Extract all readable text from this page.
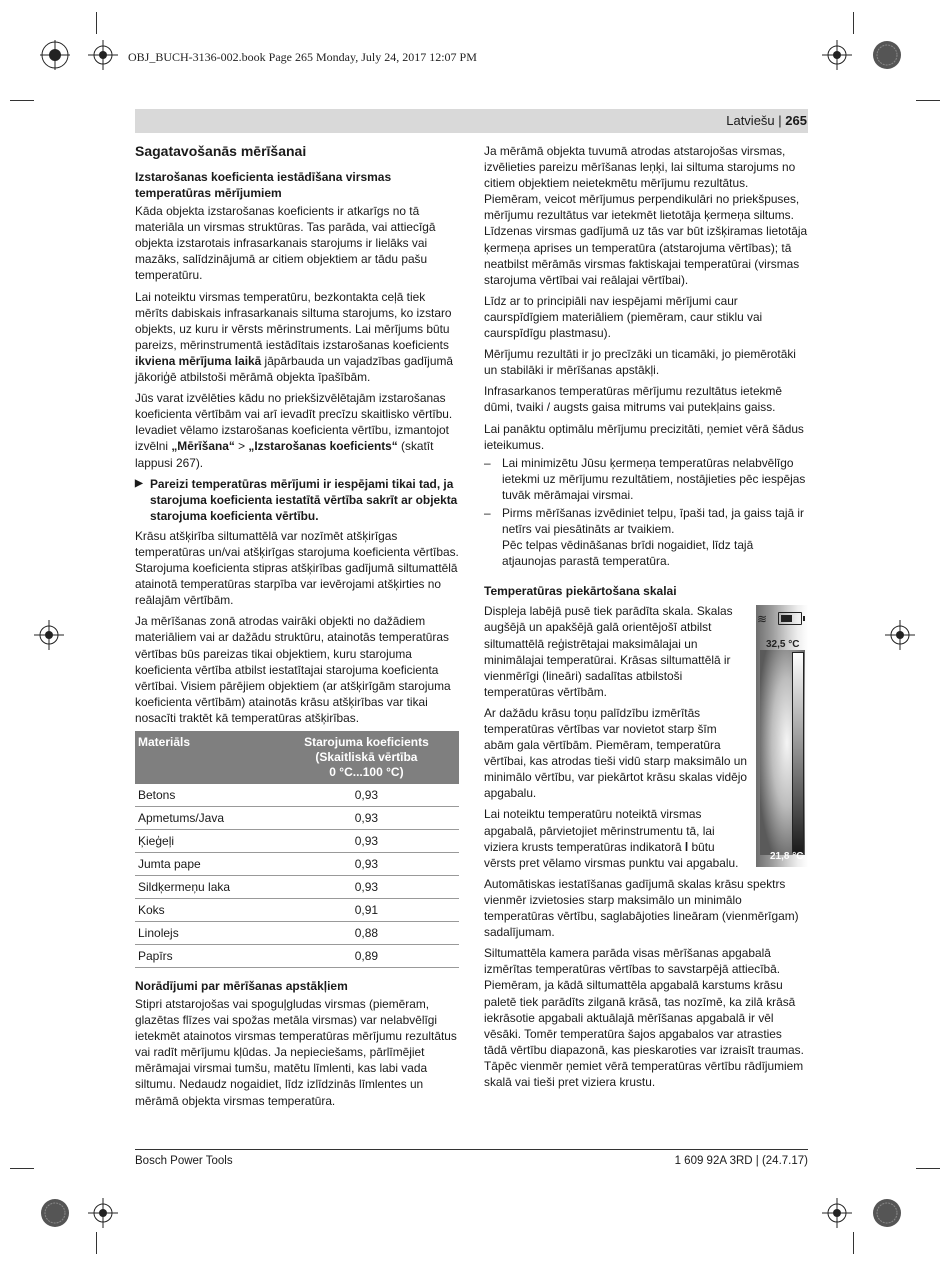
OBJ_BUCH-3136-002.book Page 265 Monday, July 24, 2017 12:07 PM
Latviešu | 265
Sagatavošanās mērīšanai
Izstarošanas koeficienta iestādīšana virsmas temperatūras mērījumiem

Kāda objekta izstarošanas koeficients ir atkarīgs no tā materiāla un virsmas struktūras. Tas parāda, vai attiecīgā objekta izstarotais infrasarkanais starojums ir lielāks vai mazāks, salīdzinājumā ar citiem objektiem ar tādu pašu temperatūru.

Lai noteiktu virsmas temperatūru, bezkontakta ceļā tiek mērīts dabiskais infrasarkanais siltuma starojums, ko izstaro objekts, uz kuru ir vērsts mērinstruments. Lai mērījums būtu pareizs, mērinstrumentā iestādītais izstarošanas koeficients ikviena mērījuma laikā jāpārbauda un vajadzības gadījumā jākoriģē atbilstoši mērāmā objekta īpašībām.

Jūs varat izvēlēties kādu no priekšizvēlētajām izstarošanas koeficienta vērtībām vai arī ievadīt precīzu skaitlisko vērtību. Ievadiet vēlamo izstarošanas koeficienta vērtību, izmantojot izvēlni „Mērīšana“ > „Izstarošanas koeficients“ (skatīt lappusi 267).

▶ Pareizi temperatūras mērījumi ir iespējami tikai tad, ja starojuma koeficienta iestatītā vērtība sakrīt ar objekta starojuma koeficienta vērtību.

Krāsu atšķirība siltumattēlā var nozīmēt atšķirīgas temperatūras un/vai atšķirīgas starojuma koeficienta vērtības. Starojuma koeficienta stipras atšķirības gadījumā siltumattēlā atainotā temperatūras starpība var ievērojami atšķirties no reālajām vērtībām.

Ja mērīšanas zonā atrodas vairāki objekti no dažādiem materiāliem vai ar dažādu struktūru, atainotās temperatūras vērtības būs pareizas tikai objektiem, kuru starojuma koeficienta vērtība atbilst iestatītajai starojuma koeficienta vērtībai. Visiem pārējiem objektiem (ar atšķirīgām starojuma koeficienta vērtībām) atainotās krāsu atšķirības var tikai nosacīti traktēt kā temperatūras atšķirības.

Materiāls	Starojuma koeficients
(Skaitliskā vērtība
0 °C...100 °C)
Betons	0,93
Apmetums/Java	0,93
Ķieģeļi	0,93
Jumta pape	0,93
Sildķermeņu laka	0,93
Koks	0,91
Linolejs	0,88
Papīrs	0,89
Norādījumi par mērīšanas apstākļiem

Stipri atstarojošas vai spoguļgludas virsmas (piemēram, glazētas flīzes vai spožas metāla virsmas) var nelabvēlīgi ietekmēt atainotos virsmas temperatūras mērījumu rezultātus vai radīt mērījumu kļūdas. Ja nepieciešams, pārlīmējiet mērāmajai virsmai tumšu, matētu līmlenti, kas labi vada siltumu. Nedaudz nogaidiet, līdz izlīdzinās līmlentes un mērāmā objekta virsmas temperatūra.

Ja mērāmā objekta tuvumā atrodas atstarojošas virsmas, izvēlieties pareizu mērīšanas leņķi, lai siltuma starojums no citiem objektiem neietekmētu mērījumu rezultātus. Piemēram, veicot mērījumus perpendikulāri no priekšpuses, mērījumu rezultātus var ietekmēt lietotāja ķermeņa siltums. Līdzenas virsmas gadījumā uz tās var būt izšķiramas lietotāja ķermeņa aprises un temperatūra (atstarojuma vērtības); tā neatbilst mērāmās virsmas faktiskajai temperatūrai (virsmas starojuma vērtībai vai reālajai vērtībai).

Līdz ar to principiāli nav iespējami mērījumi caur caurspīdīgiem materiāliem (piemēram, caur stiklu vai caurspīdīgu plastmasu).

Mērījumu rezultāti ir jo precīzāki un ticamāki, jo piemērotāki un stabilāki ir mērīšanas apstākļi.

Infrasarkanos temperatūras mērījumu rezultātus ietekmē dūmi, tvaiki / augsts gaisa mitrums vai putekļains gaiss.

Lai panāktu optimālu mērījumu precizitāti, ņemiet vērā šādus ieteikumus.

– Lai minimizētu Jūsu ķermeņa temperatūras nelabvēlīgo ietekmi uz mērījumu rezultātiem, nostājieties pēc iespējas tuvāk mērāmajai virsmai.
– Pirms mērīšanas izvēdiniet telpu, īpaši tad, ja gaiss tajā ir netīrs vai piesātināts ar tvaikiem.
Pēc telpas vēdināšanas brīdi nogaidiet, līdz tajā atjaunojas parastā temperatūra.
Temperatūras piekārtošana skalai

Displeja labējā pusē tiek parādīta skala. Skalas augšējā un apakšējā galā orientējošī atbilst siltumattēlā reģistrētajai maksimālajai un minimālajai temperatūrai. Krāsas siltumattēlā ir vienmērīgi (lineāri) sadalītas atbilstoši temperatūras vērtībām.

Ar dažādu krāsu toņu palīdzību izmērītās temperatūras vērtības var novietot starp šīm abām gala vērtībām. Piemēram, temperatūra vērtībai, kas atrodas tieši vidū starp maksimālo un minimālo vērtību, var piekārtot krāsu skalas vidējo apgabalu.

Lai noteiktu temperatūru noteiktā virsmas apgabalā, pārvietojiet mērinstrumentu tā, lai viziera krusts temperatūras indikatorā l būtu vērsts pret vēlamo virsmas punktu vai apgabalu.

Automātiskas iestatīšanas gadījumā skalas krāsu spektrs vienmēr izvietosies starp maksimālo un minimālo temperatūras vērtību, saglabājoties lineāram (vienmērīgam) sadalījumam.

Siltumattēla kamera parāda visas mērīšanas apgabalā izmērītas temperatūras vērtības to savstarpējā attiecībā. Piemēram, ja kādā siltumattēla apgabalā karstums krāsu paletē tiek parādīts zilganā krāsā, tas nozīmē, ka zilā krāsā iekrāsotie apgabali aktuālajā mērīšanas apgabalā ir vēl vēsāki. Tomēr temperatūra šajos apgabalos var atrasties tādā vērtību diapazonā, kas pieskaroties var izraisīt traumas. Tāpēc vienmēr ņemiet vērā temperatūras vērtību rādījumiem skalā vai tieši pret viziera krustu.

≋
32,5 °C
21,8 °C
Bosch Power Tools	1 609 92A 3RD | (24.7.17)
